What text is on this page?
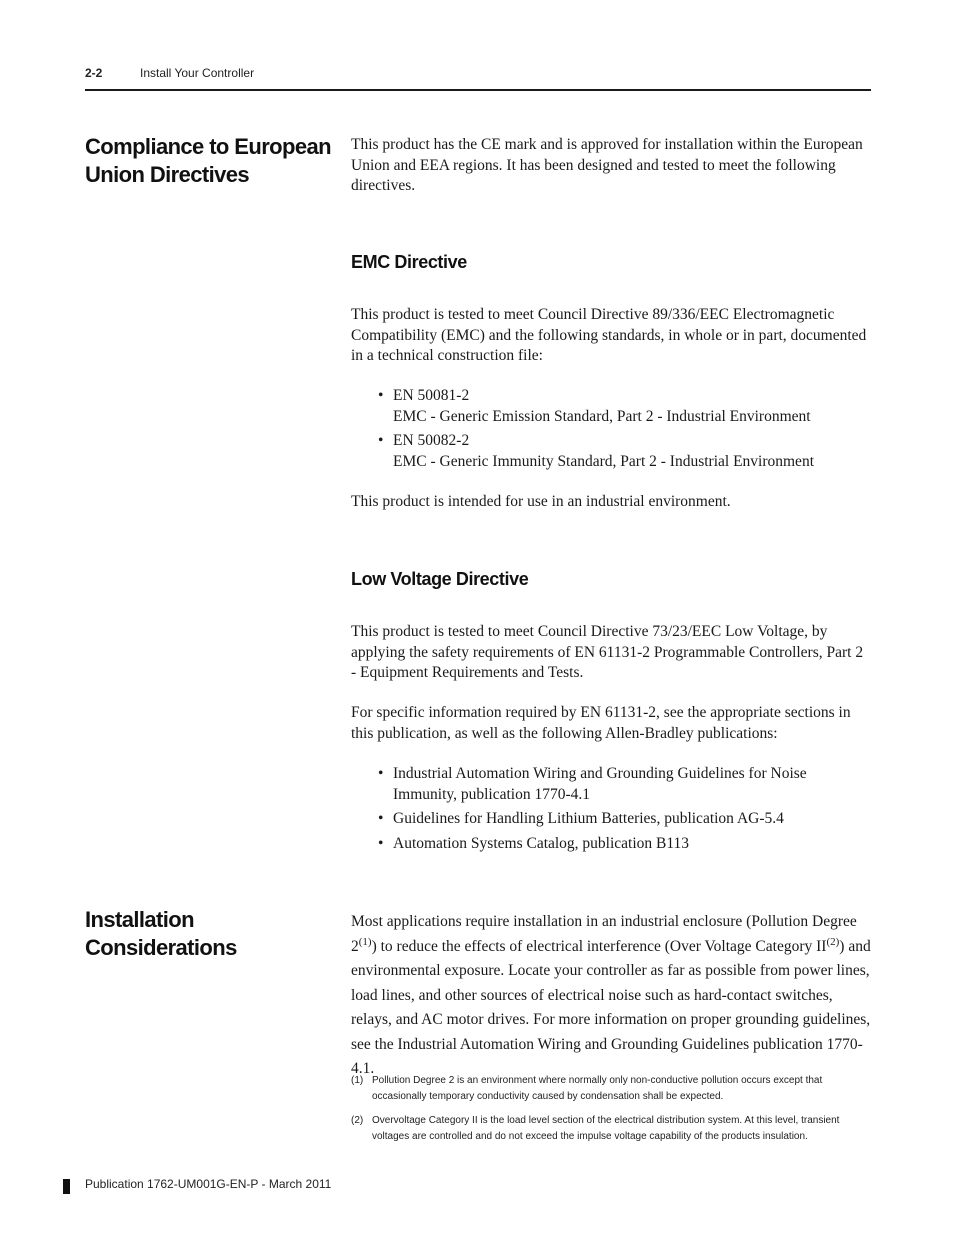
2-2	Install Your Controller
Compliance to European
Union Directives

This product has the CE mark and is approved for installation within the European Union and EEA regions. It has been designed and tested to meet the following directives.

EMC Directive

This product is tested to meet Council Directive 89/336/EEC Electromagnetic Compatibility (EMC) and the following standards, in whole or in part, documented in a technical construction file:

• EN 50081-2
EMC - Generic Emission Standard, Part 2 - Industrial Environment
• EN 50082-2
EMC - Generic Immunity Standard, Part 2 - Industrial Environment

This product is intended for use in an industrial environment.

Low Voltage Directive

This product is tested to meet Council Directive 73/23/EEC Low Voltage, by applying the safety requirements of EN 61131-2 Programmable Controllers, Part 2 - Equipment Requirements and Tests.

For specific information required by EN 61131-2, see the appropriate sections in this publication, as well as the following Allen-Bradley publications:

• Industrial Automation Wiring and Grounding Guidelines for Noise Immunity, publication 1770-4.1
• Guidelines for Handling Lithium Batteries, publication AG-5.4
• Automation Systems Catalog, publication B113
Installation Considerations

Most applications require installation in an industrial enclosure (Pollution Degree 2$^{(1)}$) to reduce the effects of electrical interference (Over Voltage Category II$^{(2)}$) and environmental exposure. Locate your controller as far as possible from power lines, load lines, and other sources of electrical noise such as hard-contact switches, relays, and AC motor drives. For more information on proper grounding guidelines, see the Industrial Automation Wiring and Grounding Guidelines publication 1770-4.1.

(1) Pollution Degree 2 is an environment where normally only non-conductive pollution occurs except that occasionally temporary conductivity caused by condensation shall be expected.
(2) Overvoltage Category II is the load level section of the electrical distribution system. At this level, transient voltages are controlled and do not exceed the impulse voltage capability of the products insulation.
Publication 1762-UM001G-EN-P - March 2011
